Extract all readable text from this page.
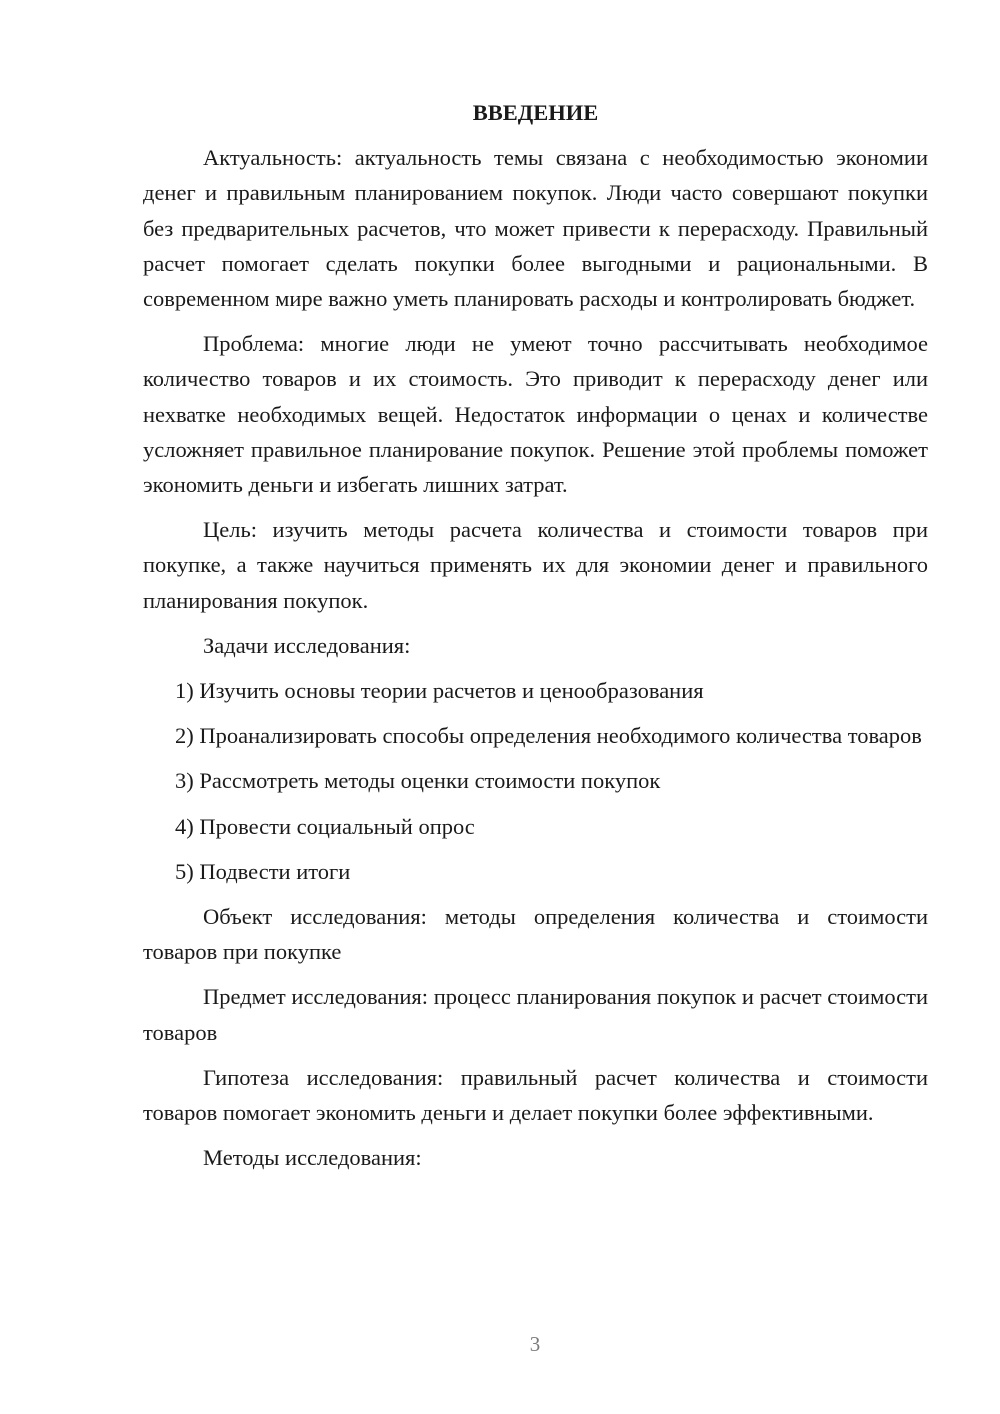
ВВЕДЕНИЕ

Актуальность: актуальность темы связана с необходимостью экономии денег и правильным планированием покупок. Люди часто совершают покупки без предварительных расчетов, что может привести к перерасходу. Правильный расчет помогает сделать покупки более выгодными и рациональными. В современном мире важно уметь планировать расходы и контролировать бюджет.

Проблема: многие люди не умеют точно рассчитывать необходимое количество товаров и их стоимость. Это приводит к перерасходу денег или нехватке необходимых вещей. Недостаток информации о ценах и количестве усложняет правильное планирование покупок. Решение этой проблемы поможет экономить деньги и избегать лишних затрат.

Цель: изучить методы расчета количества и стоимости товаров при покупке, а также научиться применять их для экономии денег и правильного планирования покупок.

Задачи исследования:

1) Изучить основы теории расчетов и ценообразования

2) Проанализировать способы определения необходимого количества товаров

3) Рассмотреть методы оценки стоимости покупок

4) Провести социальный опрос

5) Подвести итоги

Объект исследования: методы определения количества и стоимости товаров при покупке

Предмет исследования: процесс планирования покупок и расчет стоимости товаров

Гипотеза исследования: правильный расчет количества и стоимости товаров помогает экономить деньги и делает покупки более эффективными.

Методы исследования:

3
